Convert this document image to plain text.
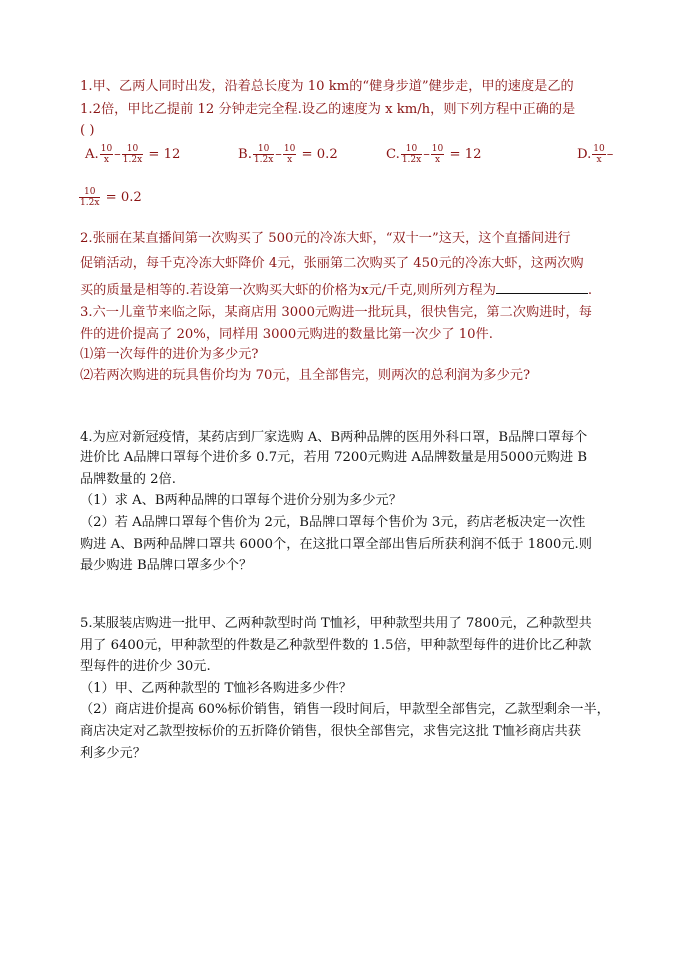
1.甲、乙两人同时出发，沿着总长度为 10 km的“健身步道”健步走，甲的速度是乙的
1.2倍，甲比乙提前 12 分钟走完全程.设乙的速度为 x km/h，则下列方程中正确的是
( )
A. $\frac{10}{x} - \frac{10}{1.2x} = 12$	B. $\frac{10}{1.2x} - \frac{10}{x} = 0.2$	C. $\frac{10}{1.2x} - \frac{10}{x} = 12$	D. $\frac{10}{x}$ –
$\frac{10}{1.2x} = 0.2$
2.张丽在某直播间第一次购买了 500元的冷冻大虾，“双十一”这天，这个直播间进行
促销活动，每千克冷冻大虾降价 4元，张丽第二次购买了 450元的冷冻大虾，这两次购
买的质量是相等的.若设第一次购买大虾的价格为x元/千克,则所列方程为	.
3.六一儿童节来临之际，某商店用 3000元购进一批玩具，很快售完，第二次购进时，每
件的进价提高了 20%，同样用 3000元购进的数量比第一次少了 10件.
⑴第一次每件的进价为多少元?
⑵若两次购进的玩具售价均为 70元，且全部售完，则两次的总利润为多少元?
4.为应对新冠疫情，某药店到厂家选购 A、B两种品牌的医用外科口罩，B品牌口罩每个
进价比 A品牌口罩每个进价多 0.7元，若用 7200元购进 A品牌数量是用5000元购进 B
品牌数量的 2倍.
（1）求 A、B两种品牌的口罩每个进价分别为多少元？
（2）若 A品牌口罩每个售价为 2元，B品牌口罩每个售价为 3元，药店老板决定一次性
购进 A、B两种品牌口罩共 6000个，在这批口罩全部出售后所获利润不低于 1800元.则
最少购进 B品牌口罩多少个？
5.某服装店购进一批甲、乙两种款型时尚 T恤衫，甲种款型共用了 7800元，乙种款型共
用了 6400元，甲种款型的件数是乙种款型件数的 1.5倍，甲种款型每件的进价比乙种款
型每件的进价少 30元.
（1）甲、乙两种款型的 T恤衫各购进多少件？
（2）商店进价提高 60%标价销售，销售一段时间后，甲款型全部售完，乙款型剩余一半，
商店决定对乙款型按标价的五折降价销售，很快全部售完，求售完这批 T恤衫商店共获
利多少元？
